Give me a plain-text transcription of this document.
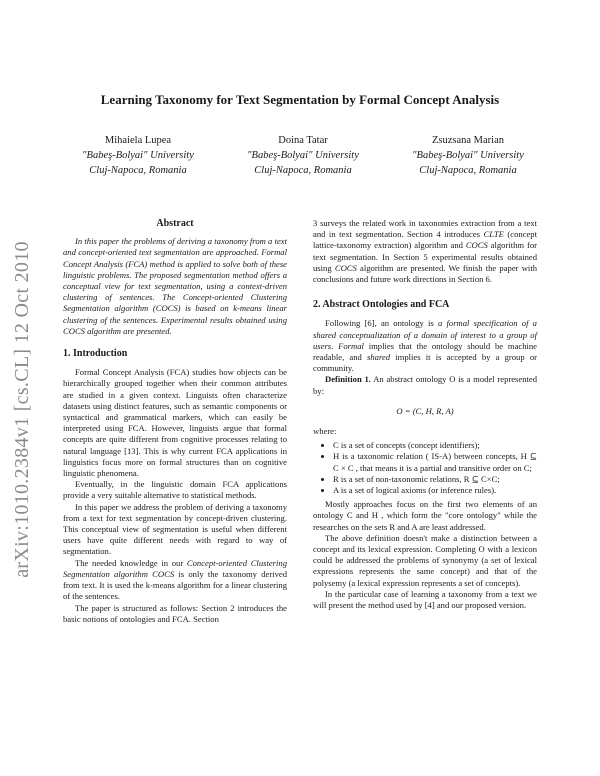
arXiv:1010.2384v1 [cs.CL] 12 Oct 2010
Learning Taxonomy for Text Segmentation by Formal Concept Analysis
Mihaiela Lupea
"Babeş-Bolyai" University
Cluj-Napoca, Romania
Doina Tatar
"Babeş-Bolyai" University
Cluj-Napoca, Romania
Zsuzsana Marian
"Babeş-Bolyai" University
Cluj-Napoca, Romania
Abstract

In this paper the problems of deriving a taxonomy from a text and concept-oriented text segmentation are approached. Formal Concept Analysis (FCA) method is applied to solve both of these linguistic problems. The proposed segmentation method offers a conceptual view for text segmentation, using a context-driven clustering of sentences. The Concept-oriented Clustering Segmentation algorithm (COCS) is based on k-means linear clustering of the sentences. Experimental results obtained using COCS algorithm are presented.

1. Introduction

Formal Concept Analysis (FCA) studies how objects can be hierarchically grouped together when their common attributes are studied in a given context. Linguists often characterize datasets using distinct features, such as semantic components or syntactical and grammatical markers, which can easily be interpreted using FCA. However, linguists argue that formal concepts are quite different from cognitive processes relating to natural language [13]. This is why current FCA applications in linguistics focus more on formal structures than on cognitive linguistic phenomena.

Eventually, in the linguistic domain FCA applications provide a very suitable alternative to statistical methods.

In this paper we address the problem of deriving a taxonomy from a text for text segmentation by concept-driven clustering. This conceptual view of segmentation is useful when different users have quite different needs with regard to way of segmentation.

The needed knowledge in our Concept-oriented Clustering Segmentation algorithm COCS is only the taxonomy derived from text. It is used the k-means algorithm for a linear clustering of the sentences.

The paper is structured as follows: Section 2 introduces the basic notions of ontologies and FCA. Section

3 surveys the related work in taxonomies extraction from a text and in text segmentation. Section 4 introduces CLTE (concept lattice-taxonomy extraction) algorithm and COCS algorithm for text segmentation. In Section 5 experimental results obtained using COCS algorithm are presented. We finish the paper with conclusions and future work directions in Section 6.

2. Abstract Ontologies and FCA

Following [6], an ontology is a formal specification of a shared conceptualization of a domain of interest to a group of users. Formal implies that the ontology should be machine readable, and shared implies it is accepted by a group or community.

Definition 1. An abstract ontology O is a model represented by:

O = (C, H, R, A)

where:

• C is a set of concepts (concept identifiers);
• H is a taxonomic relation ( IS-A) between concepts, H ⊆ C × C , that means it is a partial and transitive order on C;
• R is a set of non-taxonomic relations, R ⊆ C×C;
• A is a set of logical axioms (or inference rules).

Mostly approaches focus on the first two elements of an ontology C and H , which form the "core ontology" while the researches on the sets R and A are least addressed.

The above definition doesn't make a distinction between a concept and its lexical expression. Completing O with a lexicon could be addressed the problems of synonymy (a set of lexical expressions represents the same concept) and that of the polysemy (a lexical expression represents a set of concepts).

In the particular case of learning a taxonomy from a text we will present the method used by [4] and our proposed version.
